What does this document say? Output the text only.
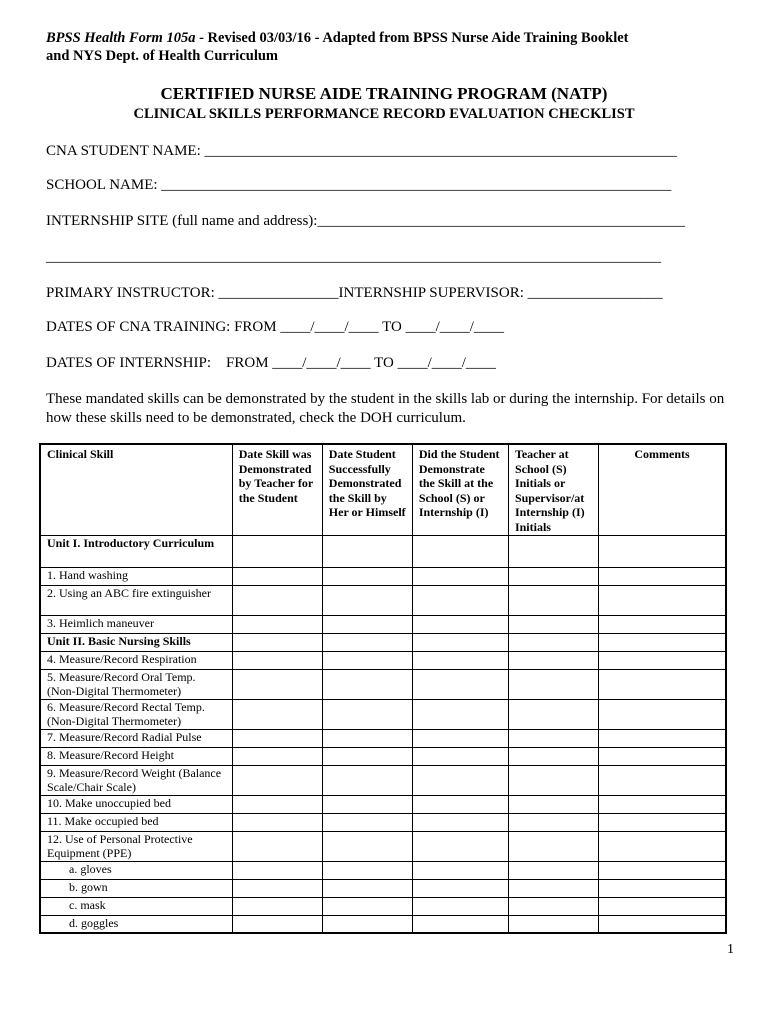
BPSS Health Form 105a - Revised 03/03/16 - Adapted from BPSS Nurse Aide Training Booklet
and NYS Dept. of Health Curriculum
CERTIFIED NURSE AIDE TRAINING PROGRAM (NATP)
CLINICAL SKILLS PERFORMANCE RECORD EVALUATION CHECKLIST
CNA STUDENT NAME: _______________________________________________________________
SCHOOL NAME: ____________________________________________________________________
INTERNSHIP SITE (full name and address):_________________________________________________
__________________________________________________________________________________
PRIMARY INSTRUCTOR: ________________INTERNSHIP SUPERVISOR: __________________
DATES OF CNA TRAINING: FROM ____/____/____ TO ____/____/____
DATES OF INTERNSHIP:    FROM ____/____/____ TO ____/____/____
These mandated skills can be demonstrated by the student in the skills lab or during the internship. For details on how these skills need to be demonstrated, check the DOH curriculum.
Clinical Skill	Date Skill was Demonstrated by Teacher for the Student	Date Student Successfully Demonstrated the Skill by Her or Himself	Did the Student Demonstrate the Skill at the School (S) or Internship (I)	Teacher at School (S) Initials or Supervisor/at Internship (I) Initials	Comments
Unit I. Introductory Curriculum					
1. Hand washing					
2. Using an ABC fire extinguisher					
3. Heimlich maneuver					
Unit II. Basic Nursing Skills					
4. Measure/Record Respiration					
5. Measure/Record Oral Temp. (Non-Digital Thermometer)					
6. Measure/Record Rectal Temp. (Non-Digital Thermometer)					
7. Measure/Record Radial Pulse					
8. Measure/Record Height					
9. Measure/Record Weight (Balance Scale/Chair Scale)					
10. Make unoccupied bed					
11. Make occupied bed					
12. Use of Personal Protective Equipment (PPE)					
a. gloves					
b. gown					
c. mask					
d. goggles					
1
